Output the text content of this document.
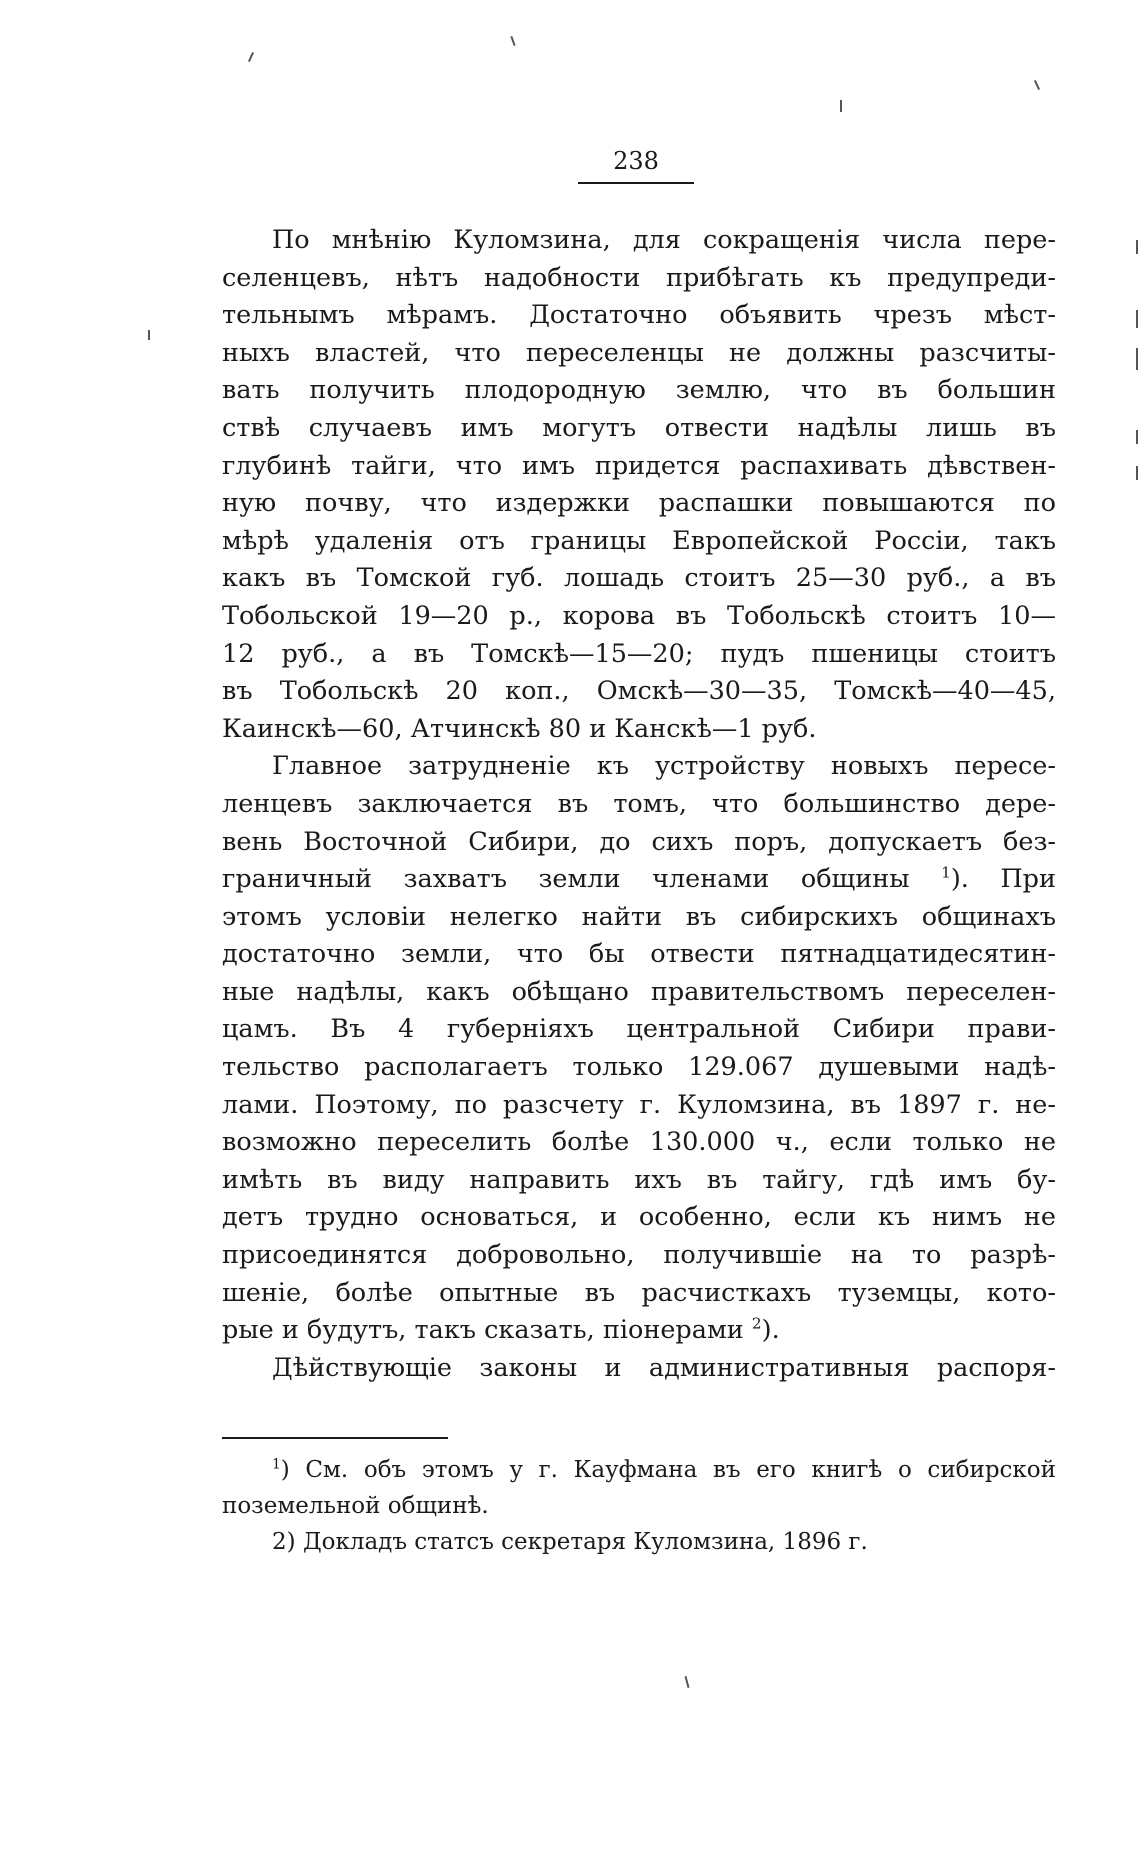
238
По мнѣнію Куломзина, для сокращенія числа пере-
селенцевъ, нѣтъ надобности прибѣгать къ предупреди-
тельнымъ мѣрамъ. Достаточно объявить чрезъ мѣст-
ныхъ властей, что переселенцы не должны разсчиты-
вать получить плодородную землю, что въ большин
ствѣ случаевъ имъ могутъ отвести надѣлы лишь въ
глубинѣ тайги, что имъ придется распахивать дѣвствен-
ную почву, что издержки распашки повышаются по
мѣрѣ удаленія отъ границы Европейской Россіи, такъ
какъ въ Томской губ. лошадь стоитъ 25—30 руб., а въ
Тобольской 19—20 р., корова въ Тобольскѣ стоитъ 10—
12 руб., а въ Томскѣ—15—20; пудъ пшеницы стоитъ
въ Тобольскѣ 20 коп., Омскѣ—30—35, Томскѣ—40—45,
Каинскѣ—60, Атчинскѣ 80 и Канскѣ—1 руб.
Главное затрудненіе къ устройству новыхъ пересе-
ленцевъ заключается въ томъ, что большинство дере-
вень Восточной Сибири, до сихъ поръ, допускаетъ без-
граничный захватъ земли членами общины $^1$). При
этомъ условіи нелегко найти въ сибирскихъ общинахъ
достаточно земли, что бы отвести пятнадцатидесятин-
ные надѣлы, какъ обѣщано правительствомъ переселен-
цамъ. Въ 4 губерніяхъ центральной Сибири прави-
тельство располагаетъ только 129.067 душевыми надѣ-
лами. Поэтому, по разсчету г. Куломзина, въ 1897 г. не-
возможно переселить болѣе 130.000 ч., если только не
имѣть въ виду направить ихъ въ тайгу, гдѣ имъ бу-
детъ трудно основаться, и особенно, если къ нимъ не
присоединятся добровольно, получившіе на то разрѣ-
шеніе, болѣе опытные въ расчисткахъ туземцы, кото-
рые и будутъ, такъ сказать, піонерами $^2$).
Дѣйствующіе законы и административныя распоря-
$^1$) См. объ этомъ у г. Кауфмана въ его книгѣ о сибирской
поземельной общинѣ.
2) Докладъ статсъ секретаря Куломзина, 1896 г.
